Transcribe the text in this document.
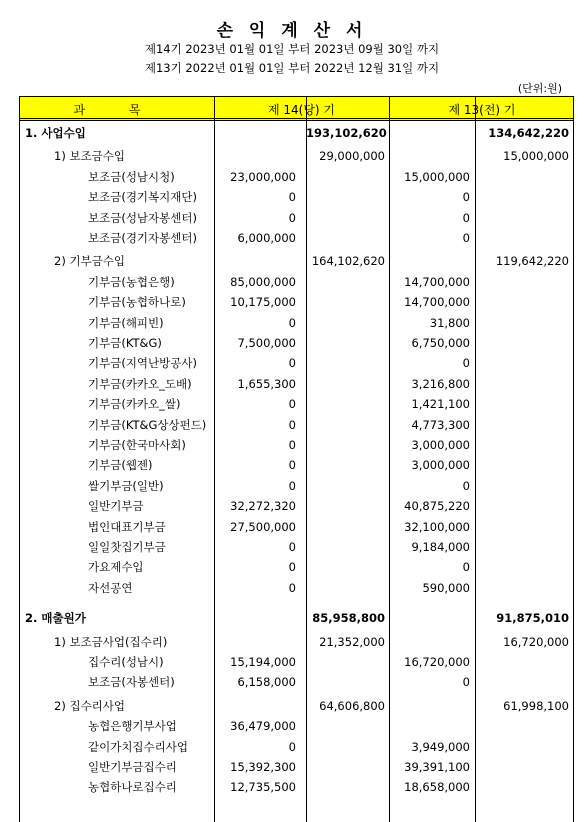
손 익 계 산 서
제14기 2023년 01월 01일 부터 2023년 09월 30일 까지
제13기 2022년 01월 01일 부터 2022년 12월 31일 까지
(단위:원)
과 목	제 14(당) 기	제 13(전) 기
1. 사업수입	193,102,620	134,642,220
1) 보조금수입	29,000,000	15,000,000
보조금(성남시청)	23,000,000	15,000,000
보조금(경기복지재단)	0	0
보조금(성남자봉센터)	0	0
보조금(경기자봉센터)	6,000,000	0
2) 기부금수입	164,102,620	119,642,220
기부금(농협은행)	85,000,000	14,700,000
기부금(농협하나로)	10,175,000	14,700,000
기부금(해피빈)	0	31,800
기부금(KT&G)	7,500,000	6,750,000
기부금(지역난방공사)	0	0
기부금(카카오_도배)	1,655,300	3,216,800
기부금(카카오_쌀)	0	1,421,100
기부금(KT&G상상펀드)	0	4,773,300
기부금(한국마사회)	0	3,000,000
기부금(웹젠)	0	3,000,000
쌀기부금(일반)	0	0
일반기부금	32,272,320	40,875,220
법인대표기부금	27,500,000	32,100,000
일일찻집기부금	0	9,184,000
가요제수입	0	0
자선공연	0	590,000
2. 매출원가	85,958,800	91,875,010
1) 보조금사업(집수리)	21,352,000	16,720,000
집수리(성남시)	15,194,000	16,720,000
보조금(자봉센터)	6,158,000	0
2) 집수리사업	64,606,800	61,998,100
농협은행기부사업	36,479,000
같이가치집수리사업	0	3,949,000
일반기부금집수리	15,392,300	39,391,100
농협하나로집수리	12,735,500	18,658,000
